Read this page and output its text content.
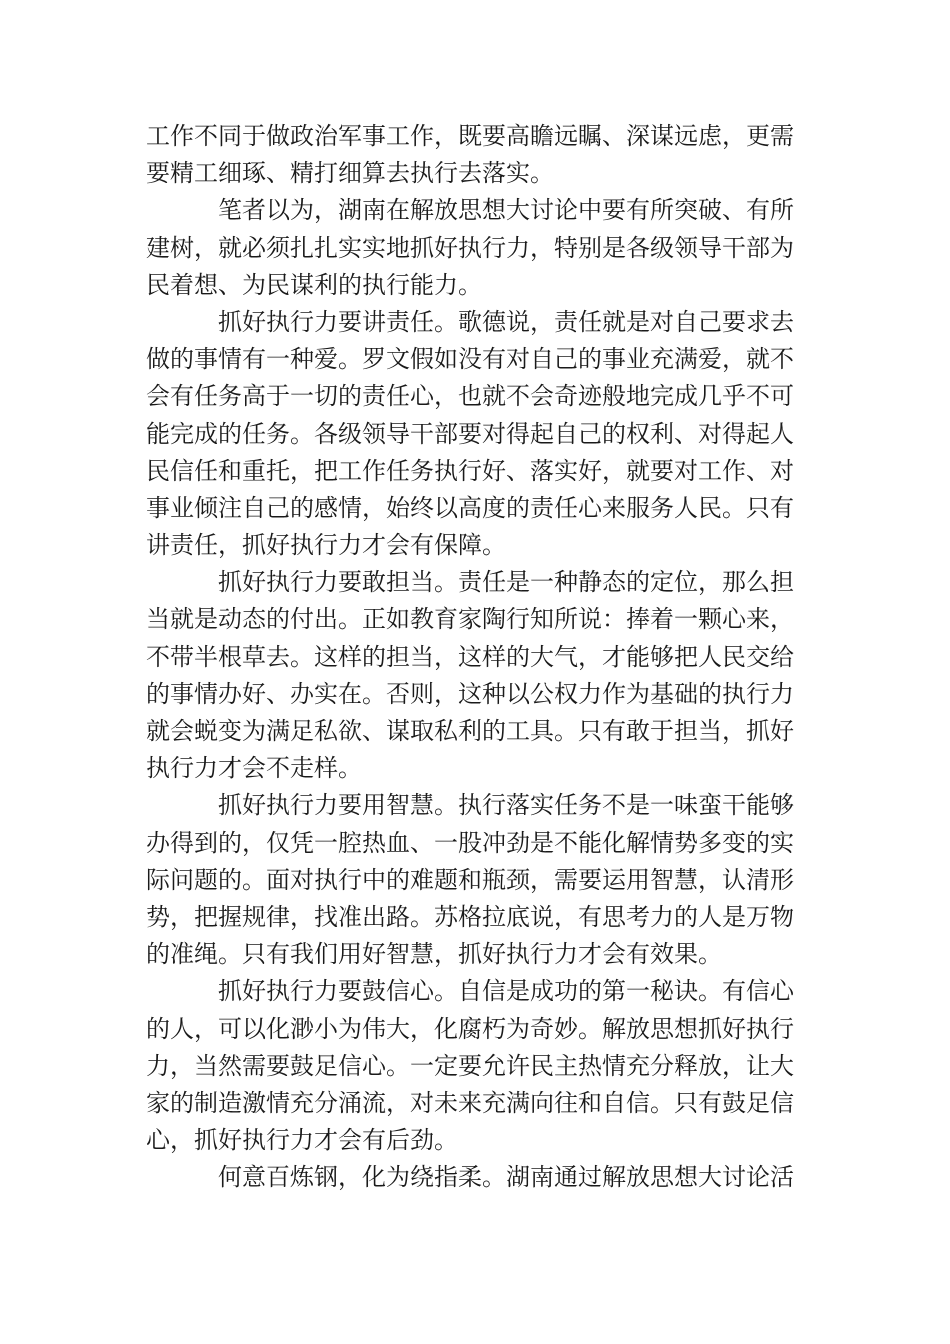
工作不同于做政治军事工作，既要高瞻远瞩、深谋远虑，更需
要精工细琢、精打细算去执行去落实。
笔者以为，湖南在解放思想大讨论中要有所突破、有所
建树，就必须扎扎实实地抓好执行力，特别是各级领导干部为
民着想、为民谋利的执行能力。
抓好执行力要讲责任。歌德说，责任就是对自己要求去
做的事情有一种爱。罗文假如没有对自己的事业充满爱，就不
会有任务高于一切的责任心，也就不会奇迹般地完成几乎不可
能完成的任务。各级领导干部要对得起自己的权利、对得起人
民信任和重托，把工作任务执行好、落实好，就要对工作、对
事业倾注自己的感情，始终以高度的责任心来服务人民。只有
讲责任，抓好执行力才会有保障。
抓好执行力要敢担当。责任是一种静态的定位，那么担
当就是动态的付出。正如教育家陶行知所说：捧着一颗心来，
不带半根草去。这样的担当，这样的大气，才能够把人民交给
的事情办好、办实在。否则，这种以公权力作为基础的执行力
就会蜕变为满足私欲、谋取私利的工具。只有敢于担当，抓好
执行力才会不走样。
抓好执行力要用智慧。执行落实任务不是一味蛮干能够
办得到的，仅凭一腔热血、一股冲劲是不能化解情势多变的实
际问题的。面对执行中的难题和瓶颈，需要运用智慧，认清形
势，把握规律，找准出路。苏格拉底说，有思考力的人是万物
的准绳。只有我们用好智慧，抓好执行力才会有效果。
抓好执行力要鼓信心。自信是成功的第一秘诀。有信心
的人，可以化渺小为伟大，化腐朽为奇妙。解放思想抓好执行
力，当然需要鼓足信心。一定要允许民主热情充分释放，让大
家的制造激情充分涌流，对未来充满向往和自信。只有鼓足信
心，抓好执行力才会有后劲。
何意百炼钢，化为绕指柔。湖南通过解放思想大讨论活
